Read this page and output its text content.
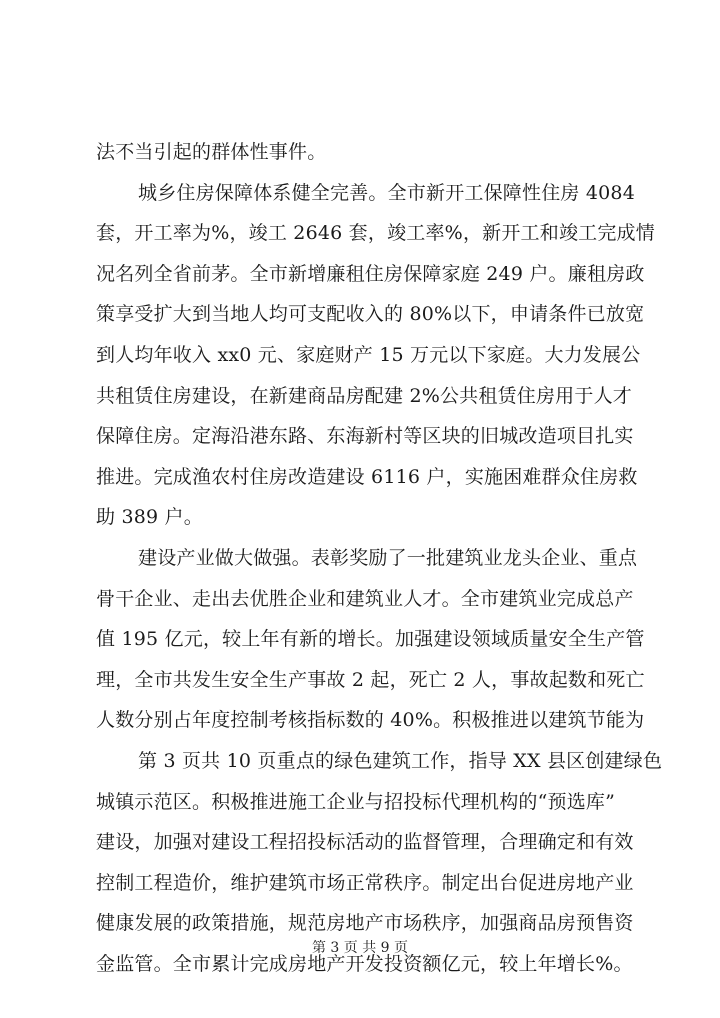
法不当引起的群体性事件。
城乡住房保障体系健全完善。全市新开工保障性住房 4084
套，开工率为%，竣工 2646 套，竣工率%，新开工和竣工完成情
况名列全省前茅。全市新增廉租住房保障家庭 249 户。廉租房政
策享受扩大到当地人均可支配收入的 80%以下，申请条件已放宽
到人均年收入 xx0 元、家庭财产 15 万元以下家庭。大力发展公
共租赁住房建设，在新建商品房配建 2%公共租赁住房用于人才
保障住房。定海沿港东路、东海新村等区块的旧城改造项目扎实
推进。完成渔农村住房改造建设 6116 户，实施困难群众住房救
助 389 户。
建设产业做大做强。表彰奖励了一批建筑业龙头企业、重点
骨干企业、走出去优胜企业和建筑业人才。全市建筑业完成总产
值 195 亿元，较上年有新的增长。加强建设领域质量安全生产管
理，全市共发生安全生产事故 2 起，死亡 2 人，事故起数和死亡
人数分别占年度控制考核指标数的 40%。积极推进以建筑节能为
第 3 页共 10 页重点的绿色建筑工作，指导 XX 县区创建绿色
城镇示范区。积极推进施工企业与招投标代理机构的“预选库”
建设，加强对建设工程招投标活动的监督管理，合理确定和有效
控制工程造价，维护建筑市场正常秩序。制定出台促进房地产业
健康发展的政策措施，规范房地产市场秩序，加强商品房预售资
金监管。全市累计完成房地产开发投资额亿元，较上年增长%。
第 3 页 共 9 页
